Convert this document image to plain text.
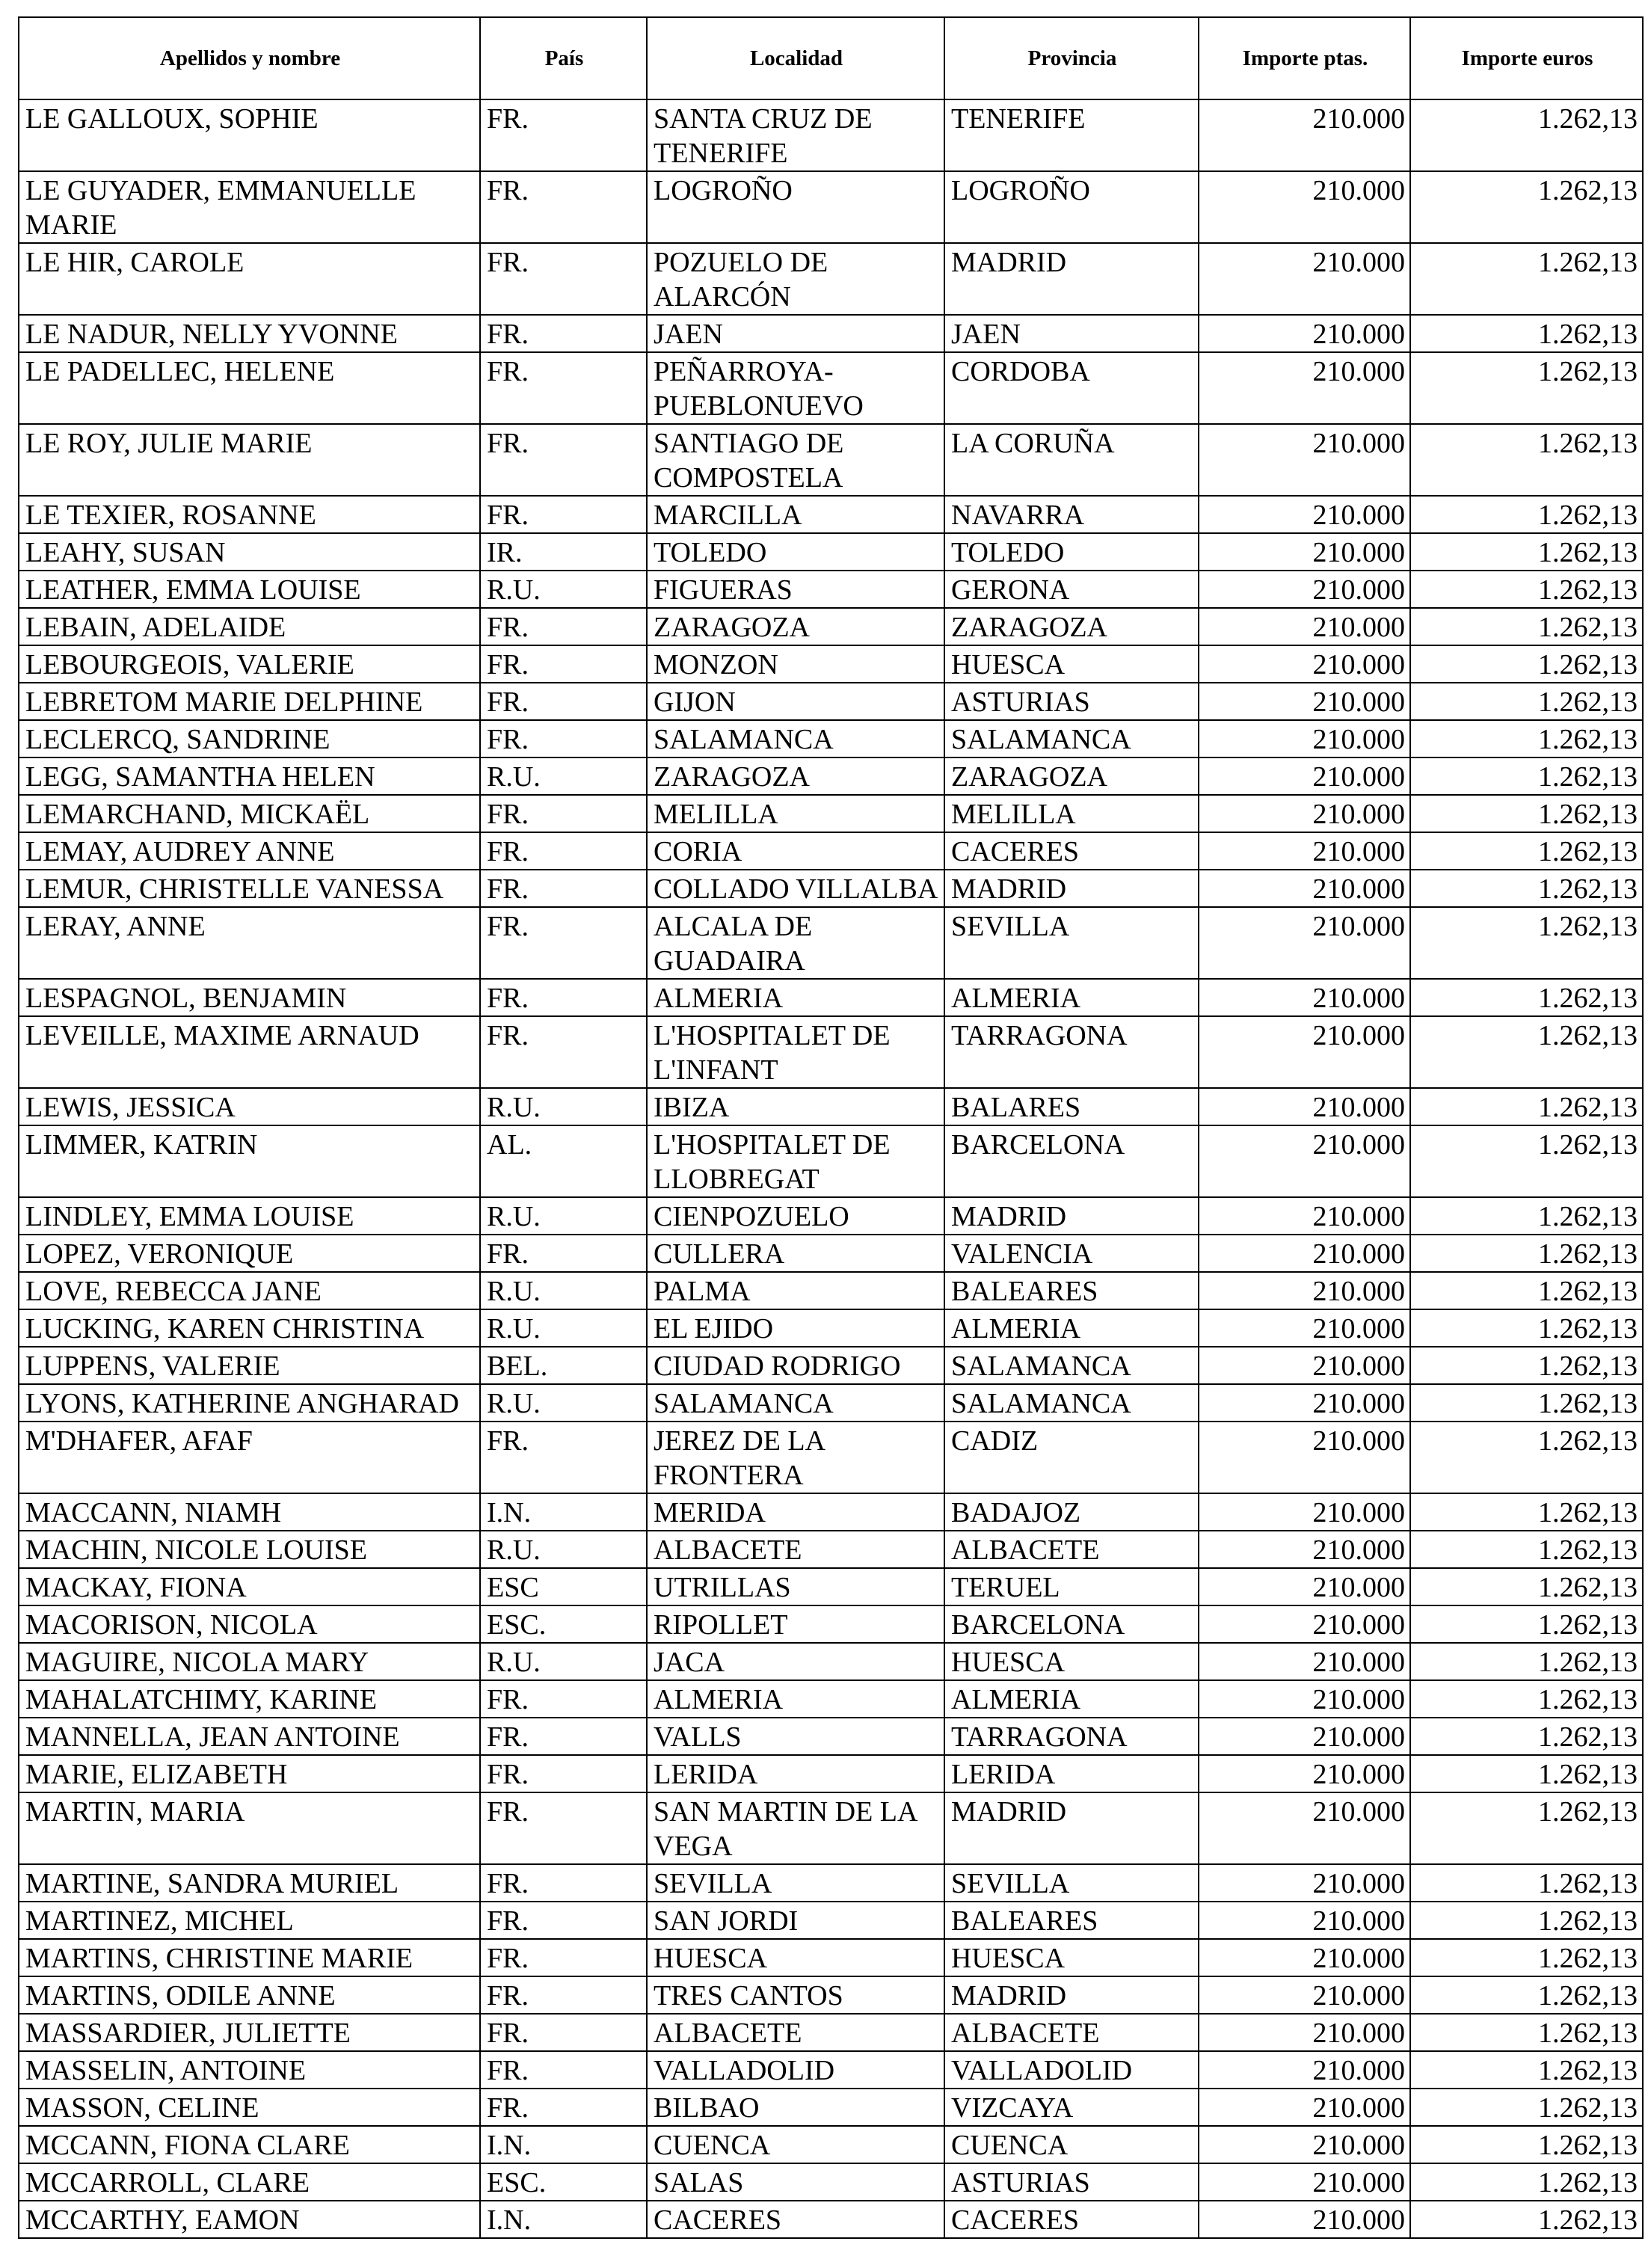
Apellidos y nombre	País	Localidad	Provincia	Importe ptas.	Importe euros
LE GALLOUX, SOPHIE	FR.	SANTA CRUZ DE TENERIFE	TENERIFE	210.000	1.262,13
LE GUYADER, EMMANUELLE MARIE	FR.	LOGROÑO	LOGROÑO	210.000	1.262,13
LE HIR, CAROLE	FR.	POZUELO DE ALARCÓN	MADRID	210.000	1.262,13
LE NADUR, NELLY YVONNE	FR.	JAEN	JAEN	210.000	1.262,13
LE PADELLEC, HELENE	FR.	PEÑARROYA-PUEBLONUEVO	CORDOBA	210.000	1.262,13
LE ROY, JULIE MARIE	FR.	SANTIAGO DE COMPOSTELA	LA CORUÑA	210.000	1.262,13
LE TEXIER, ROSANNE	FR.	MARCILLA	NAVARRA	210.000	1.262,13
LEAHY, SUSAN	IR.	TOLEDO	TOLEDO	210.000	1.262,13
LEATHER, EMMA LOUISE	R.U.	FIGUERAS	GERONA	210.000	1.262,13
LEBAIN, ADELAIDE	FR.	ZARAGOZA	ZARAGOZA	210.000	1.262,13
LEBOURGEOIS, VALERIE	FR.	MONZON	HUESCA	210.000	1.262,13
LEBRETOM MARIE DELPHINE	FR.	GIJON	ASTURIAS	210.000	1.262,13
LECLERCQ, SANDRINE	FR.	SALAMANCA	SALAMANCA	210.000	1.262,13
LEGG, SAMANTHA HELEN	R.U.	ZARAGOZA	ZARAGOZA	210.000	1.262,13
LEMARCHAND, MICKAËL	FR.	MELILLA	MELILLA	210.000	1.262,13
LEMAY, AUDREY ANNE	FR.	CORIA	CACERES	210.000	1.262,13
LEMUR, CHRISTELLE VANESSA	FR.	COLLADO VILLALBA	MADRID	210.000	1.262,13
LERAY, ANNE	FR.	ALCALA DE GUADAIRA	SEVILLA	210.000	1.262,13
LESPAGNOL, BENJAMIN	FR.	ALMERIA	ALMERIA	210.000	1.262,13
LEVEILLE, MAXIME ARNAUD	FR.	L'HOSPITALET DE L'INFANT	TARRAGONA	210.000	1.262,13
LEWIS, JESSICA	R.U.	IBIZA	BALARES	210.000	1.262,13
LIMMER, KATRIN	AL.	L'HOSPITALET DE LLOBREGAT	BARCELONA	210.000	1.262,13
LINDLEY, EMMA LOUISE	R.U.	CIENPOZUELO	MADRID	210.000	1.262,13
LOPEZ, VERONIQUE	FR.	CULLERA	VALENCIA	210.000	1.262,13
LOVE, REBECCA JANE	R.U.	PALMA	BALEARES	210.000	1.262,13
LUCKING, KAREN CHRISTINA	R.U.	EL EJIDO	ALMERIA	210.000	1.262,13
LUPPENS, VALERIE	BEL.	CIUDAD RODRIGO	SALAMANCA	210.000	1.262,13
LYONS, KATHERINE ANGHARAD	R.U.	SALAMANCA	SALAMANCA	210.000	1.262,13
M'DHAFER, AFAF	FR.	JEREZ DE LA FRONTERA	CADIZ	210.000	1.262,13
MACCANN, NIAMH	I.N.	MERIDA	BADAJOZ	210.000	1.262,13
MACHIN, NICOLE LOUISE	R.U.	ALBACETE	ALBACETE	210.000	1.262,13
MACKAY, FIONA	ESC	UTRILLAS	TERUEL	210.000	1.262,13
MACORISON, NICOLA	ESC.	RIPOLLET	BARCELONA	210.000	1.262,13
MAGUIRE, NICOLA MARY	R.U.	JACA	HUESCA	210.000	1.262,13
MAHALATCHIMY, KARINE	FR.	ALMERIA	ALMERIA	210.000	1.262,13
MANNELLA, JEAN ANTOINE	FR.	VALLS	TARRAGONA	210.000	1.262,13
MARIE, ELIZABETH	FR.	LERIDA	LERIDA	210.000	1.262,13
MARTIN, MARIA	FR.	SAN MARTIN DE LA VEGA	MADRID	210.000	1.262,13
MARTINE, SANDRA MURIEL	FR.	SEVILLA	SEVILLA	210.000	1.262,13
MARTINEZ, MICHEL	FR.	SAN JORDI	BALEARES	210.000	1.262,13
MARTINS, CHRISTINE MARIE	FR.	HUESCA	HUESCA	210.000	1.262,13
MARTINS, ODILE ANNE	FR.	TRES CANTOS	MADRID	210.000	1.262,13
MASSARDIER, JULIETTE	FR.	ALBACETE	ALBACETE	210.000	1.262,13
MASSELIN, ANTOINE	FR.	VALLADOLID	VALLADOLID	210.000	1.262,13
MASSON, CELINE	FR.	BILBAO	VIZCAYA	210.000	1.262,13
MCCANN, FIONA CLARE	I.N.	CUENCA	CUENCA	210.000	1.262,13
MCCARROLL, CLARE	ESC.	SALAS	ASTURIAS	210.000	1.262,13
MCCARTHY, EAMON	I.N.	CACERES	CACERES	210.000	1.262,13
